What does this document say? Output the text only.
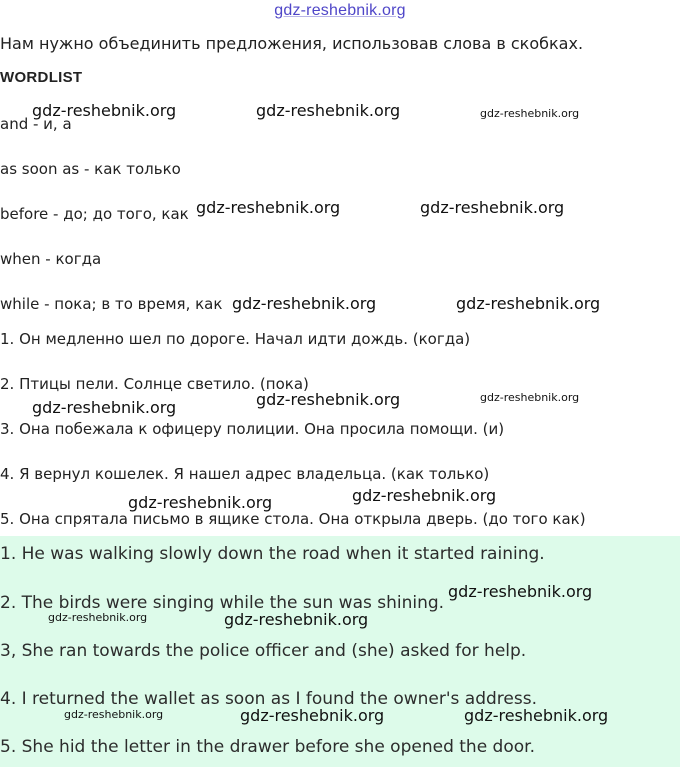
gdz-reshebnik.org
Нам нужно объединить предложения, использовав слова в скобках.
WORDLIST
and - и, а
as soon as - как только
before - до; до того, как
when - когда
while - пока; в то время, как
1. Он медленно шел по дороге. Начал идти дождь. (когда)
2. Птицы пели. Солнце светило. (пока)
3. Она побежала к офицеру полиции. Она просила помощи. (и)
4. Я вернул кошелек. Я нашел адрес владельца. (как только)
5. Она спрятала письмо в ящике стола. Она открыла дверь. (до того как)
1. He was walking slowly down the road when it started raining.
2. The birds were singing while the sun was shining.
3, She ran towards the police officer and (she) asked for help.
4. I returned the wallet as soon as I found the owner's address.
5. She hid the letter in the drawer before she opened the door.
gdz-reshebnik.org	gdz-reshebnik.org	gdz-reshebnik.org
gdz-reshebnik.org	gdz-reshebnik.org
gdz-reshebnik.org	gdz-reshebnik.org
gdz-reshebnik.org	gdz-reshebnik.org	gdz-reshebnik.org
gdz-reshebnik.org	gdz-reshebnik.org
gdz-reshebnik.org
gdz-reshebnik.org	gdz-reshebnik.org
gdz-reshebnik.org	gdz-reshebnik.org	gdz-reshebnik.org
